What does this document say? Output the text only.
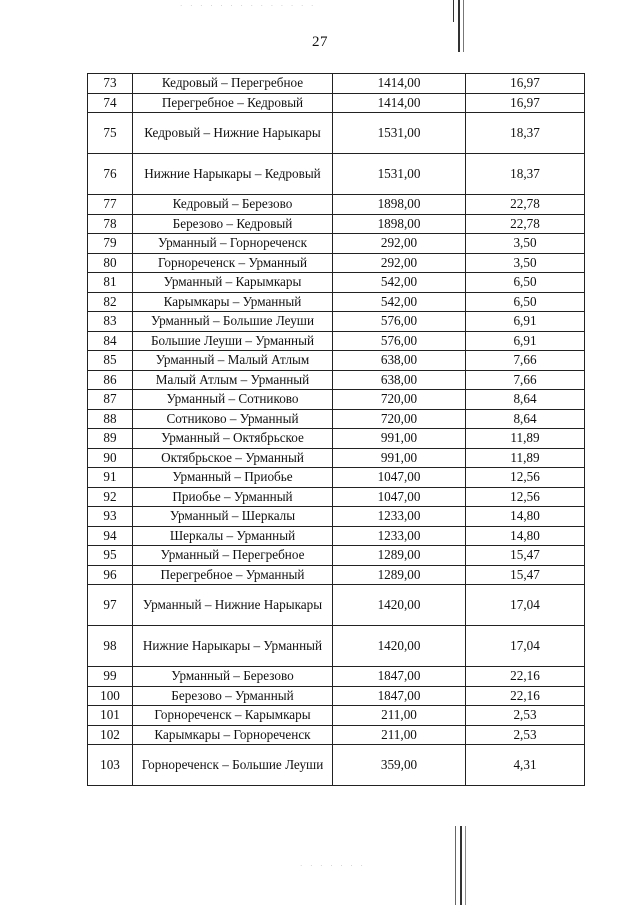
27
· · · · · · · · · · · · · ·
· · · · · · ·
73	Кедровый – Перегребное	1414,00	16,97
74	Перегребное – Кедровый	1414,00	16,97
75	Кедровый – Нижние Нарыкары	1531,00	18,37
76	Нижние Нарыкары – Кедровый	1531,00	18,37
77	Кедровый – Березово	1898,00	22,78
78	Березово – Кедровый	1898,00	22,78
79	Урманный – Горнореченск	292,00	3,50
80	Горнореченск – Урманный	292,00	3,50
81	Урманный – Карымкары	542,00	6,50
82	Карымкары – Урманный	542,00	6,50
83	Урманный – Большие Леуши	576,00	6,91
84	Большие Леуши – Урманный	576,00	6,91
85	Урманный – Малый Атлым	638,00	7,66
86	Малый Атлым – Урманный	638,00	7,66
87	Урманный – Сотниково	720,00	8,64
88	Сотниково – Урманный	720,00	8,64
89	Урманный – Октябрьское	991,00	11,89
90	Октябрьское – Урманный	991,00	11,89
91	Урманный – Приобье	1047,00	12,56
92	Приобье – Урманный	1047,00	12,56
93	Урманный – Шеркалы	1233,00	14,80
94	Шеркалы – Урманный	1233,00	14,80
95	Урманный – Перегребное	1289,00	15,47
96	Перегребное – Урманный	1289,00	15,47
97	Урманный – Нижние Нарыкары	1420,00	17,04
98	Нижние Нарыкары – Урманный	1420,00	17,04
99	Урманный – Березово	1847,00	22,16
100	Березово – Урманный	1847,00	22,16
101	Горнореченск – Карымкары	211,00	2,53
102	Карымкары – Горнореченск	211,00	2,53
103	Горнореченск – Большие Леуши	359,00	4,31
